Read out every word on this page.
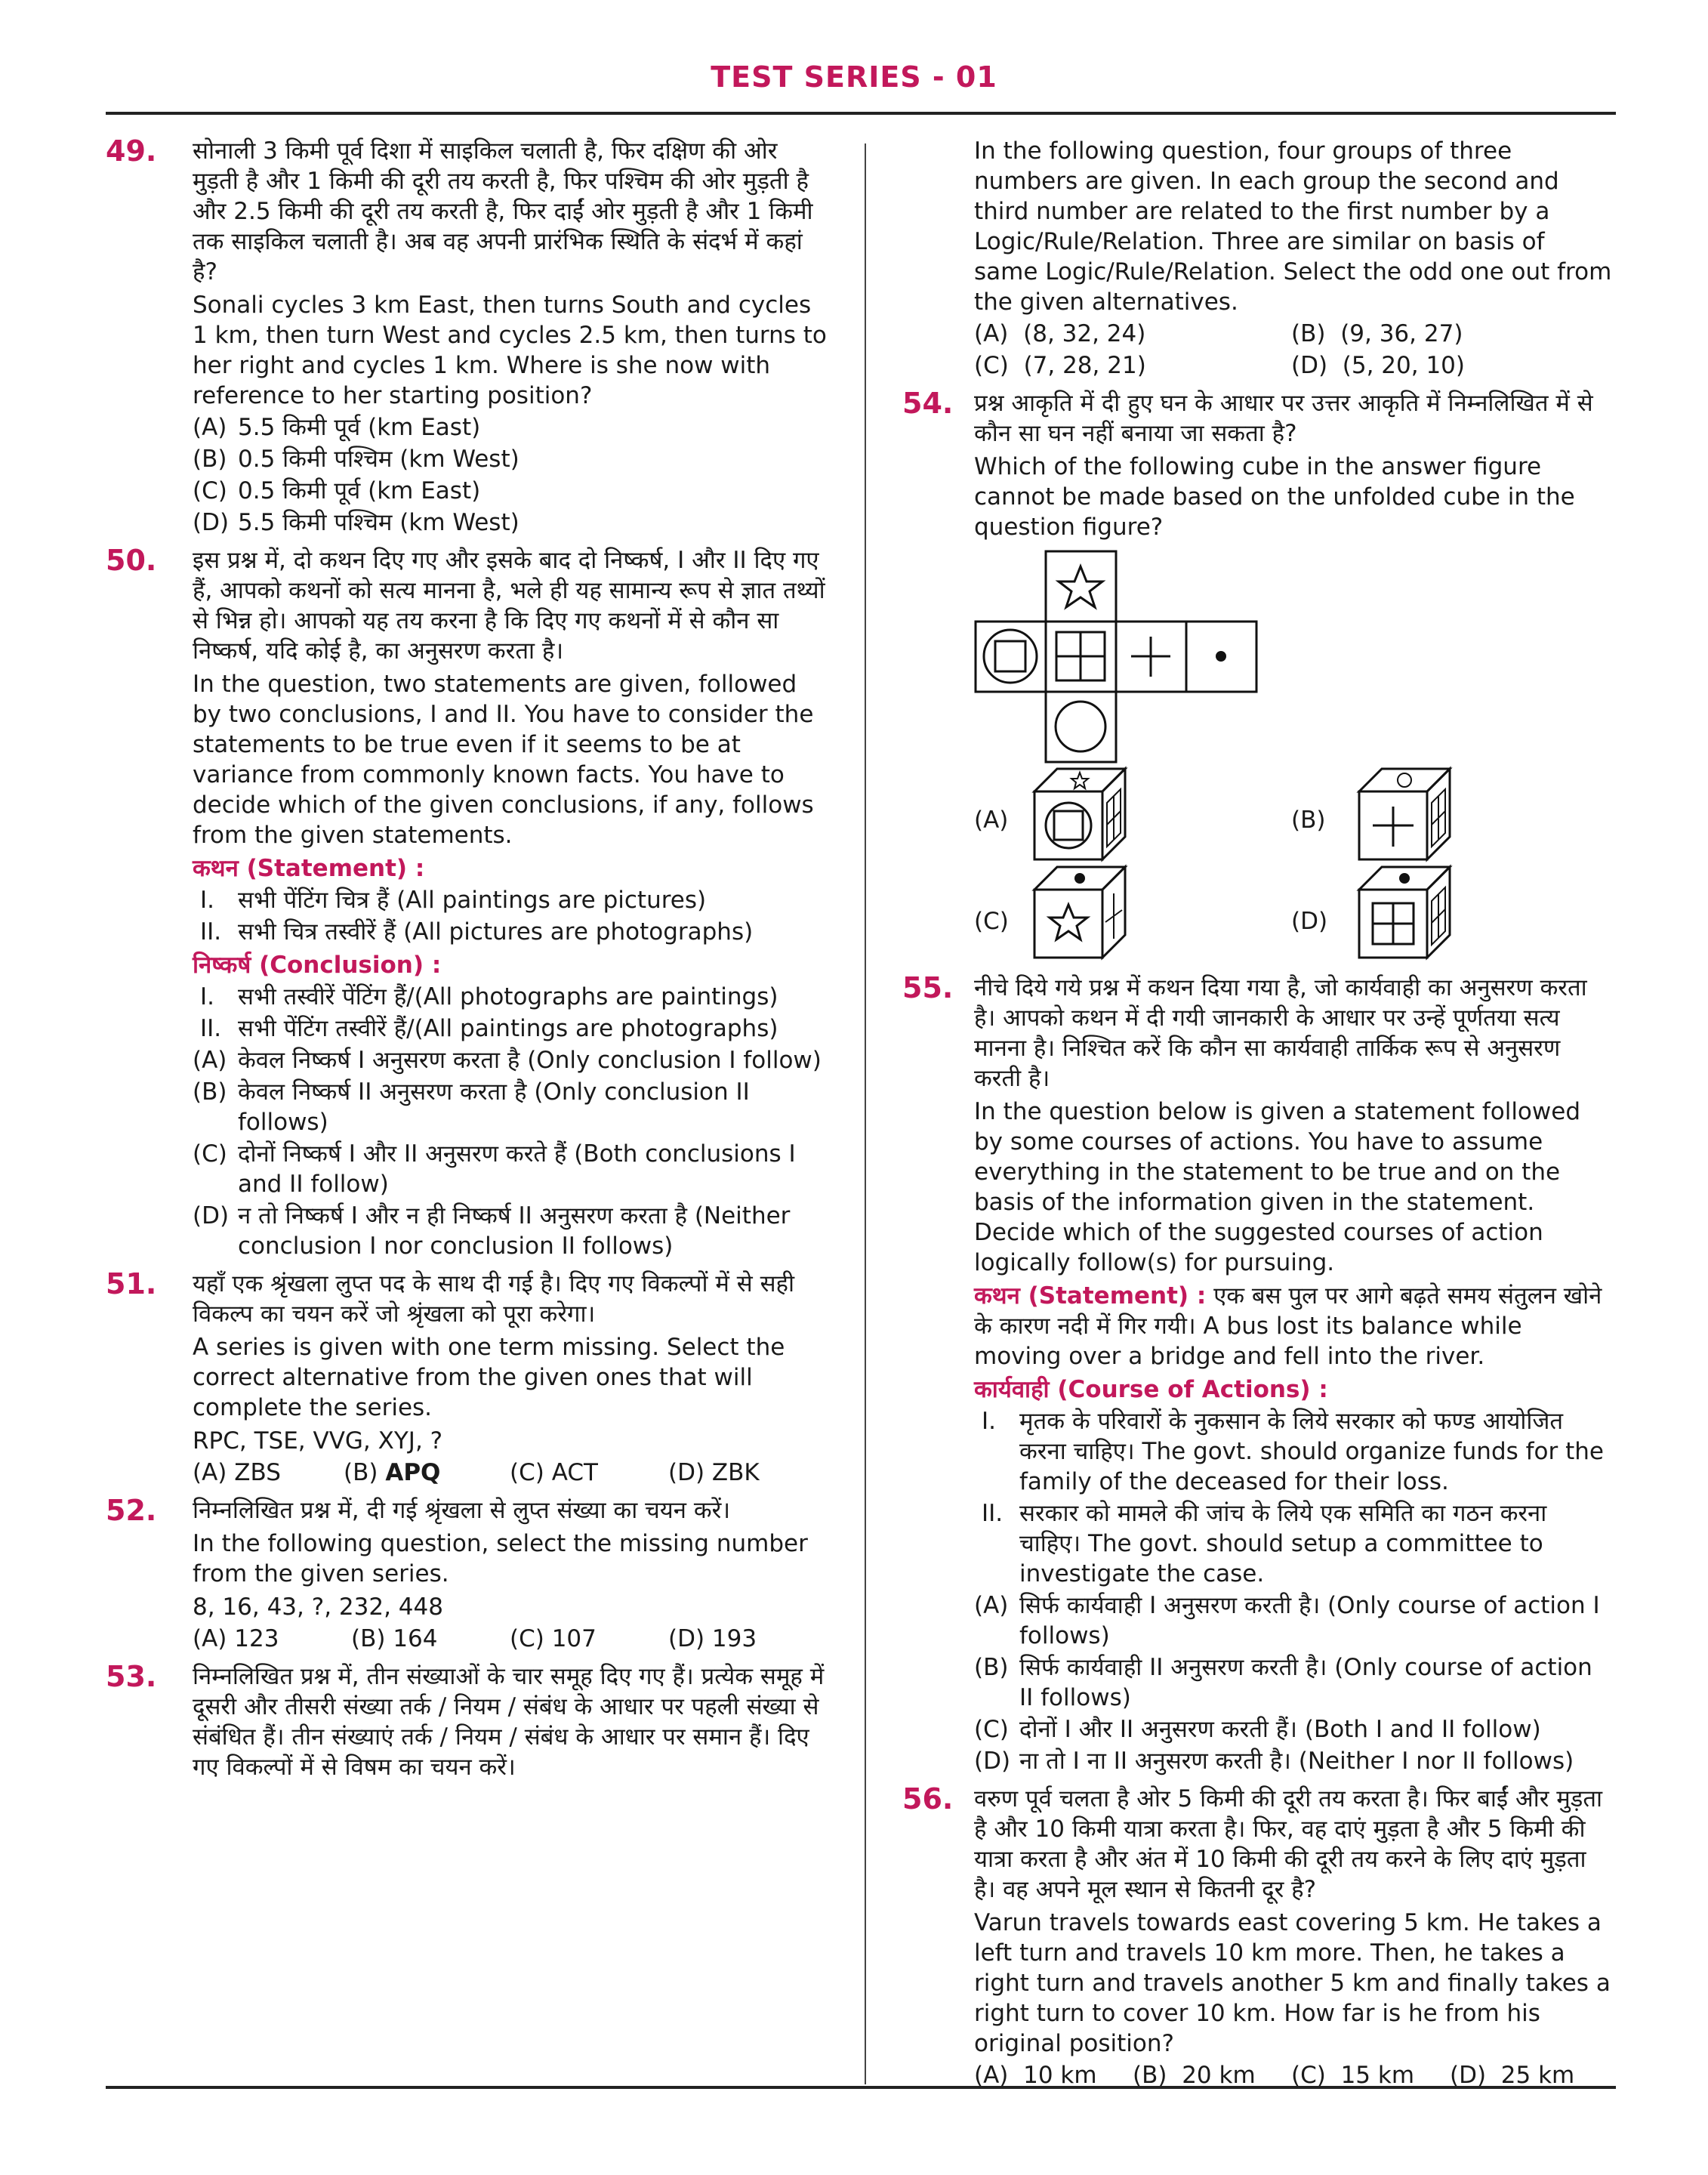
TEST SERIES - 01
49. सोनाली 3 किमी पूर्व दिशा में साइकिल चलाती है, फिर दक्षिण की ओर मुड़ती है और 1 किमी की दूरी तय करती है, फिर पश्चिम की ओर मुड़ती है और 2.5 किमी की दूरी तय करती है, फिर दाईं ओर मुड़ती है और 1 किमी तक साइकिल चलाती है। अब वह अपनी प्रारंभिक स्थिति के संदर्भ में कहां है?

Sonali cycles 3 km East, then turns South and cycles 1 km, then turn West and cycles 2.5 km, then turns to her right and cycles 1 km. Where is she now with reference to her starting position?

(A) 5.5 किमी पूर्व (km East)
(B) 0.5 किमी पश्चिम (km West)
(C) 0.5 किमी पूर्व (km East)
(D) 5.5 किमी पश्चिम (km West)
50. इस प्रश्न में, दो कथन दिए गए और इसके बाद दो निष्कर्ष, I और II दिए गए हैं, आपको कथनों को सत्य मानना है, भले ही यह सामान्य रूप से ज्ञात तथ्यों से भिन्न हो। आपको यह तय करना है कि दिए गए कथनों में से कौन सा निष्कर्ष, यदि कोई है, का अनुसरण करता है।

In the question, two statements are given, followed by two conclusions, I and II. You have to consider the statements to be true even if it seems to be at variance from commonly known facts. You have to decide which of the given conclusions, if any, follows from the given statements.

कथन (Statement) :
I. सभी पेंटिंग चित्र हैं (All paintings are pictures)
II. सभी चित्र तस्वीरें हैं (All pictures are photographs)
निष्कर्ष (Conclusion) :
I. सभी तस्वीरें पेंटिंग हैं/(All photographs are paintings)
II. सभी पेंटिंग तस्वीरें हैं/(All paintings are photographs)
(A) केवल निष्कर्ष I अनुसरण करता है (Only conclusion I follow)
(B) केवल निष्कर्ष II अनुसरण करता है (Only conclusion II follows)
(C) दोनों निष्कर्ष I और II अनुसरण करते हैं (Both conclusions I and II follow)
(D) न तो निष्कर्ष I और न ही निष्कर्ष II अनुसरण करता है (Neither conclusion I nor conclusion II follows)
51. यहाँ एक श्रृंखला लुप्त पद के साथ दी गई है। दिए गए विकल्पों में से सही विकल्प का चयन करें जो श्रृंखला को पूरा करेगा।

A series is given with one term missing. Select the correct alternative from the given ones that will complete the series.

RPC, TSE, VVG, XYJ, ?

(A) ZBS	(B) APQ	(C) ACT	(D) ZBK
52. निम्नलिखित प्रश्न में, दी गई श्रृंखला से लुप्त संख्या का चयन करें।

In the following question, select the missing number from the given series.

8, 16, 43, ?, 232, 448

(A) 123	(B) 164	(C) 107	(D) 193
53. निम्नलिखित प्रश्न में, तीन संख्याओं के चार समूह दिए गए हैं। प्रत्येक समूह में दूसरी और तीसरी संख्या तर्क / नियम / संबंध के आधार पर पहली संख्या से संबंधित हैं। तीन संख्याएं तर्क / नियम / संबंध के आधार पर समान हैं। दिए गए विकल्पों में से विषम का चयन करें।

In the following question, four groups of three numbers are given. In each group the second and third number are related to the first number by a Logic/Rule/Relation. Three are similar on basis of same Logic/Rule/Relation. Select the odd one out from the given alternatives.

(A) (8, 32, 24)	(B) (9, 36, 27)
(C) (7, 28, 21)	(D) (5, 20, 10)
54. प्रश्न आकृति में दी हुए घन के आधार पर उत्तर आकृति में निम्नलिखित में से कौन सा घन नहीं बनाया जा सकता है?

Which of the following cube in the answer figure cannot be made based on the unfolded cube in the question figure?

(A)	(B)
(C)	(D)
55. नीचे दिये गये प्रश्न में कथन दिया गया है, जो कार्यवाही का अनुसरण करता है। आपको कथन में दी गयी जानकारी के आधार पर उन्हें पूर्णतया सत्य मानना है। निश्चित करें कि कौन सा कार्यवाही तार्किक रूप से अनुसरण करती है।

In the question below is given a statement followed by some courses of actions. You have to assume everything in the statement to be true and on the basis of the information given in the statement. Decide which of the suggested courses of action logically follow(s) for pursuing.

कथन (Statement) : एक बस पुल पर आगे बढ़ते समय संतुलन खोने के कारण नदी में गिर गयी। A bus lost its balance while moving over a bridge and fell into the river.

कार्यवाही (Course of Actions) :
I. मृतक के परिवारों के नुकसान के लिये सरकार को फण्ड आयोजित करना चाहिए। The govt. should organize funds for the family of the deceased for their loss.
II. सरकार को मामले की जांच के लिये एक समिति का गठन करना चाहिए। The govt. should setup a committee to investigate the case.
(A) सिर्फ कार्यवाही I अनुसरण करती है। (Only course of action I follows)
(B) सिर्फ कार्यवाही II अनुसरण करती है। (Only course of action II follows)
(C) दोनों I और II अनुसरण करती हैं। (Both I and II follow)
(D) ना तो I ना II अनुसरण करती है। (Neither I nor II follows)
56. वरुण पूर्व चलता है ओर 5 किमी की दूरी तय करता है। फिर बाईं और मुड़ता है और 10 किमी यात्रा करता है। फिर, वह दाएं मुड़ता है और 5 किमी की यात्रा करता है और अंत में 10 किमी की दूरी तय करने के लिए दाएं मुड़ता है। वह अपने मूल स्थान से कितनी दूर है?

Varun travels towards east covering 5 km. He takes a left turn and travels 10 km more. Then, he takes a right turn and travels another 5 km and finally takes a right turn to cover 10 km. How far is he from his original position?

(A) 10 km	(B) 20 km	(C) 15 km	(D) 25 km
